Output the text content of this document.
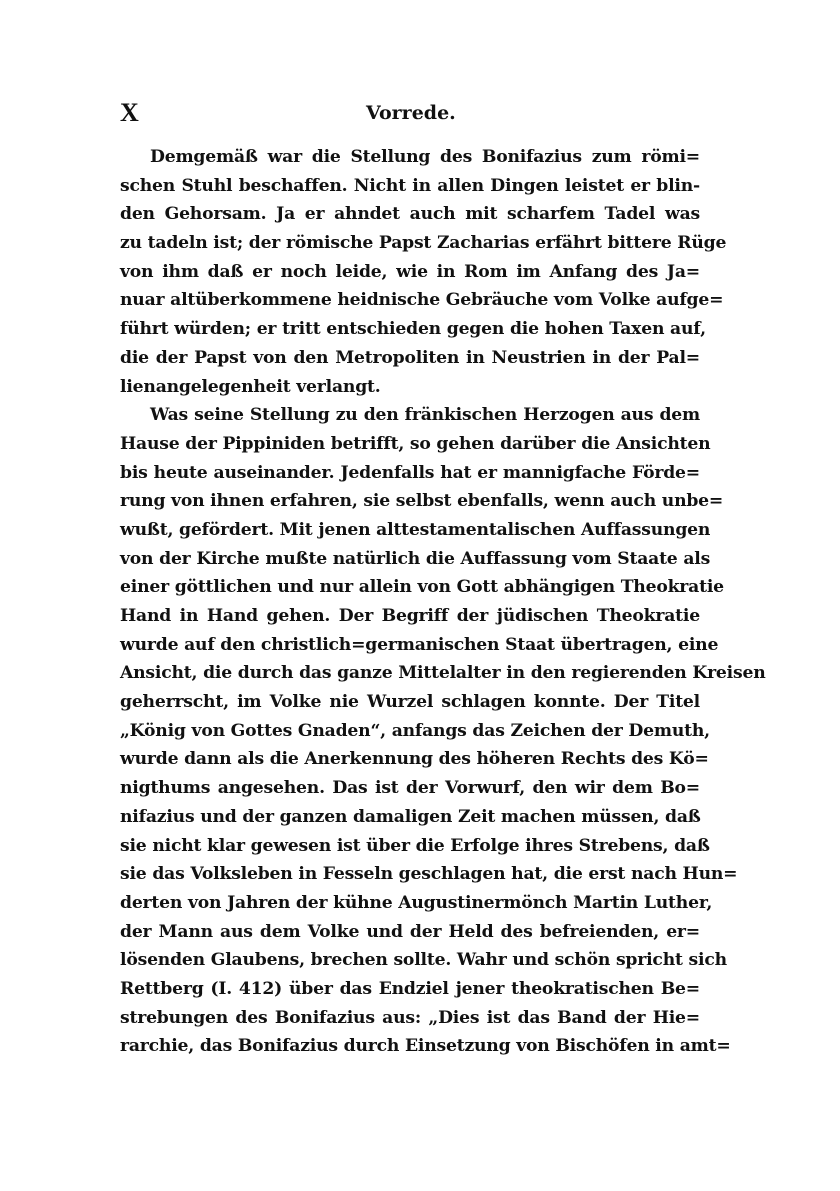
X	Vorrede.
Demgemäß war die Stellung des Bonifazius zum römi=
schen Stuhl beschaffen. Nicht in allen Dingen leistet er blin-
den Gehorsam. Ja er ahndet auch mit scharfem Tadel was
zu tadeln ist; der römische Papst Zacharias erfährt bittere Rüge
von ihm daß er noch leide, wie in Rom im Anfang des Ja=
nuar altüberkommene heidnische Gebräuche vom Volke aufge=
führt würden; er tritt entschieden gegen die hohen Taxen auf,
die der Papst von den Metropoliten in Neustrien in der Pal=
lienangelegenheit verlangt.
Was seine Stellung zu den fränkischen Herzogen aus dem
Hause der Pippiniden betrifft, so gehen darüber die Ansichten
bis heute auseinander. Jedenfalls hat er mannigfache Förde=
rung von ihnen erfahren, sie selbst ebenfalls, wenn auch unbe=
wußt, gefördert. Mit jenen alttestamentalischen Auffassungen
von der Kirche mußte natürlich die Auffassung vom Staate als
einer göttlichen und nur allein von Gott abhängigen Theokratie
Hand in Hand gehen. Der Begriff der jüdischen Theokratie
wurde auf den christlich=germanischen Staat übertragen, eine
Ansicht, die durch das ganze Mittelalter in den regierenden Kreisen
geherrscht, im Volke nie Wurzel schlagen konnte. Der Titel
„König von Gottes Gnaden“, anfangs das Zeichen der Demuth,
wurde dann als die Anerkennung des höheren Rechts des Kö=
nigthums angesehen. Das ist der Vorwurf, den wir dem Bo=
nifazius und der ganzen damaligen Zeit machen müssen, daß
sie nicht klar gewesen ist über die Erfolge ihres Strebens, daß
sie das Volksleben in Fesseln geschlagen hat, die erst nach Hun=
derten von Jahren der kühne Augustinermönch Martin Luther,
der Mann aus dem Volke und der Held des befreienden, er=
lösenden Glaubens, brechen sollte. Wahr und schön spricht sich
Rettberg (I. 412) über das Endziel jener theokratischen Be=
strebungen des Bonifazius aus: „Dies ist das Band der Hie=
rarchie, das Bonifazius durch Einsetzung von Bischöfen in amt=
